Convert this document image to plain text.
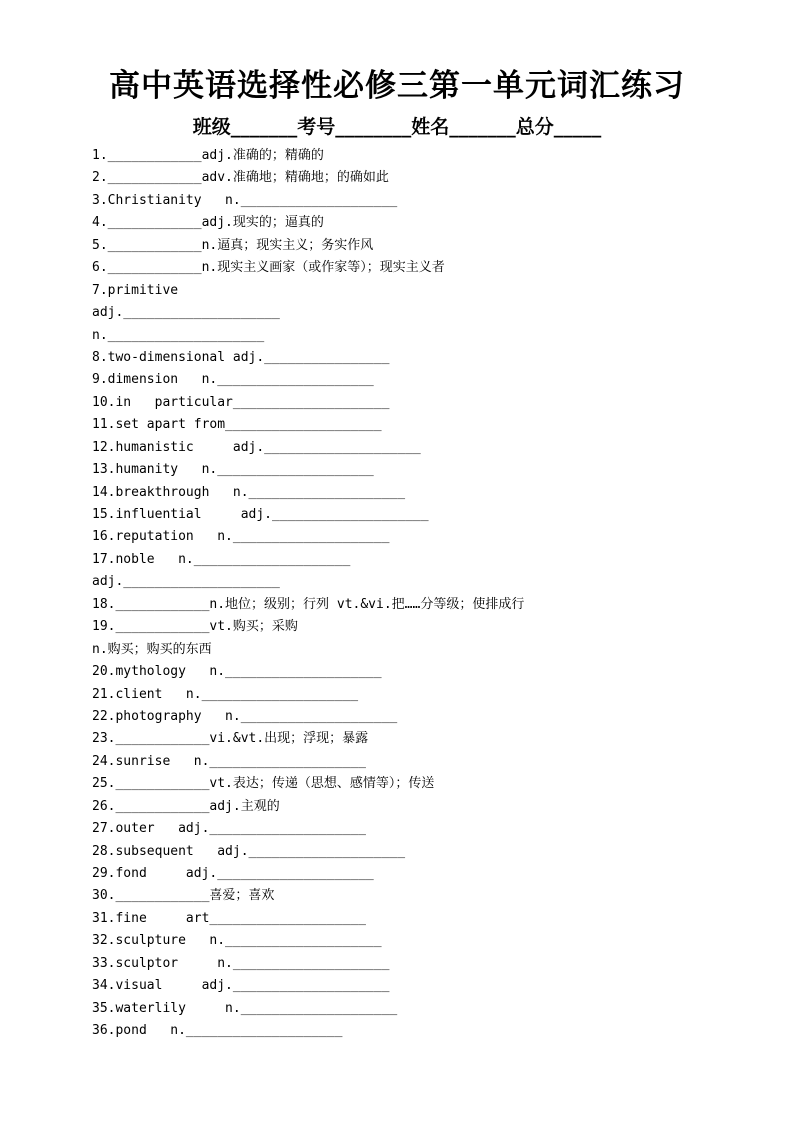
高中英语选择性必修三第一单元词汇练习
班级_______考号________姓名_______总分_____
1.____________adj.准确的；精确的
2.____________adv.准确地；精确地；的确如此
3.Christianity   n.____________________
4.____________adj.现实的；逼真的
5.____________n.逼真；现实主义；务实作风
6.____________n.现实主义画家（或作家等）；现实主义者
7.primitive
adj.____________________
n.____________________
8.two-dimensional adj.________________
9.dimension   n.____________________
10.in   particular____________________
11.set apart from____________________
12.humanistic     adj.____________________
13.humanity   n.____________________
14.breakthrough   n.____________________
15.influential     adj.____________________
16.reputation   n.____________________
17.noble   n.____________________
adj.____________________
18.____________n.地位；级别；行列 vt.&vi.把……分等级；使排成行
19.____________vt.购买；采购
n.购买；购买的东西
20.mythology   n.____________________
21.client   n.____________________
22.photography   n.____________________
23.____________vi.&vt.出现；浮现；暴露
24.sunrise   n.____________________
25.____________vt.表达；传递（思想、感情等）；传送
26.____________adj.主观的
27.outer   adj.____________________
28.subsequent   adj.____________________
29.fond     adj.____________________
30.____________喜爱；喜欢
31.fine     art____________________
32.sculpture   n.____________________
33.sculptor     n.____________________
34.visual     adj.____________________
35.waterlily     n.____________________
36.pond   n.____________________
